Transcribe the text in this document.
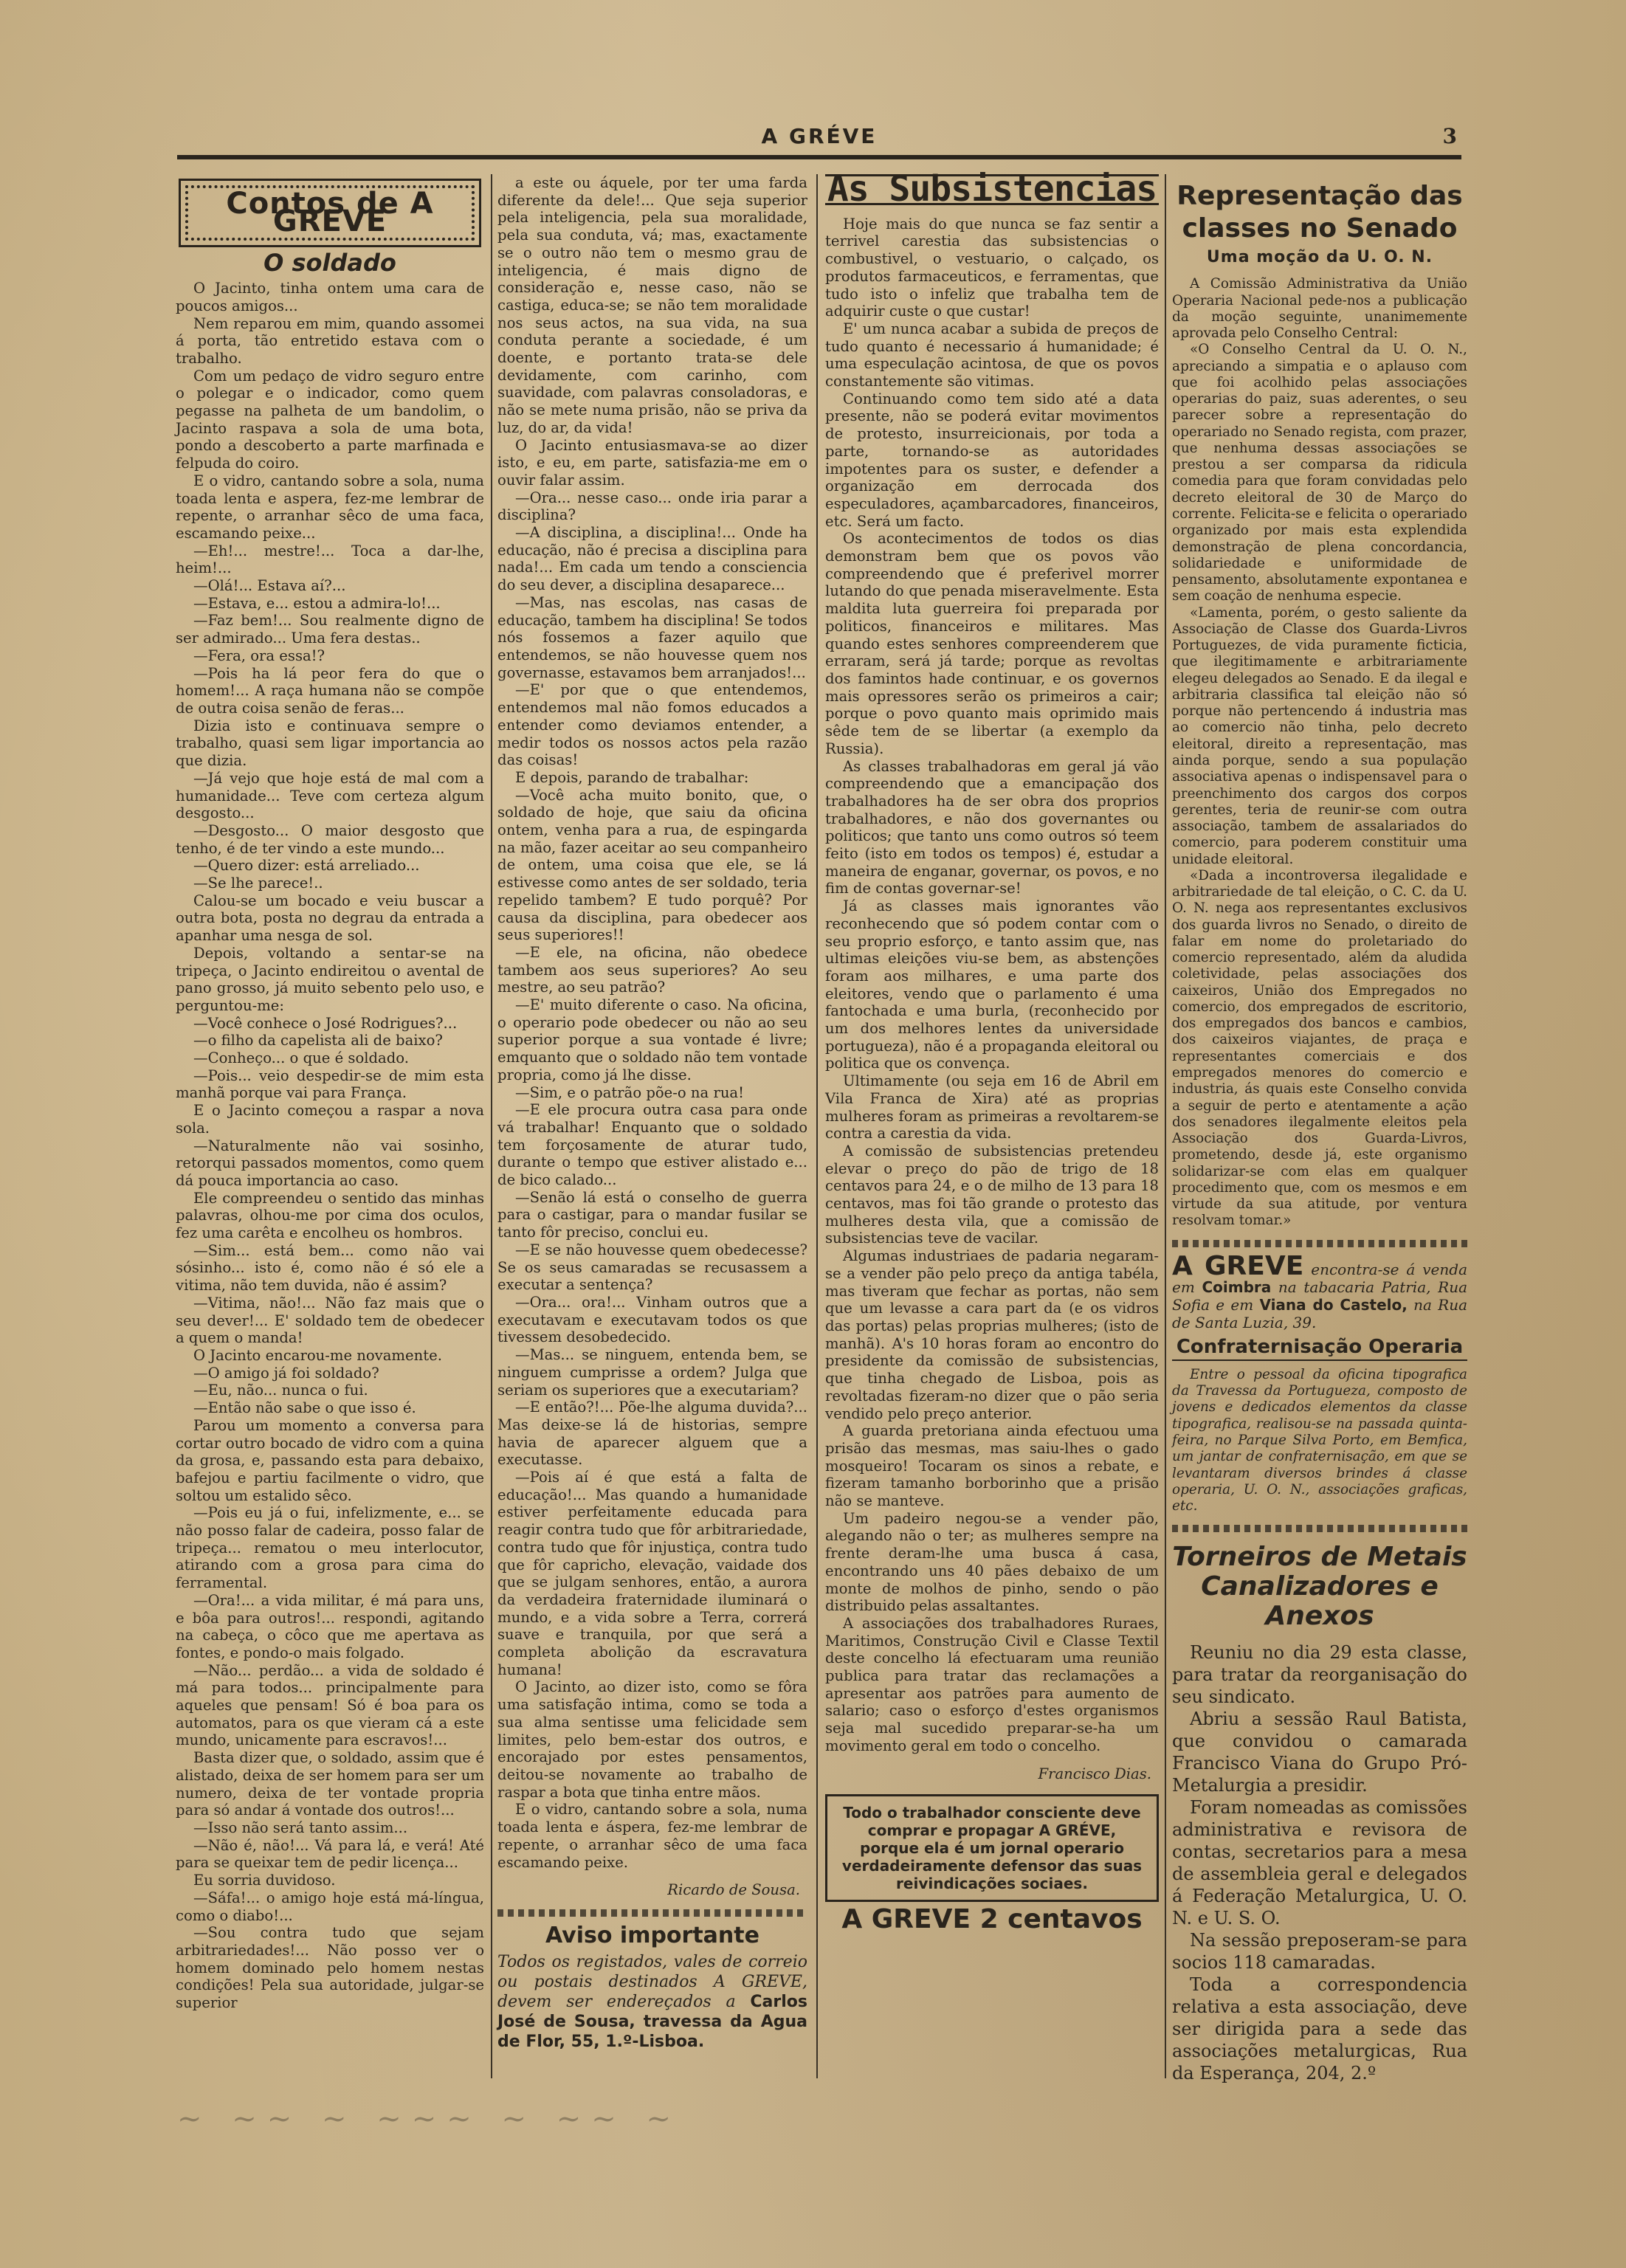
A GRÉVE	3
Contos de A GREVE
O soldado

O Jacinto, tinha ontem uma cara de poucos amigos...

Nem reparou em mim, quando assomei á porta, tão entretido estava com o trabalho.

Com um pedaço de vidro seguro entre o polegar e o indicador, como quem pegasse na palheta de um bandolim, o Jacinto raspava a sola de uma bota, pondo a descoberto a parte marfinada e felpuda do coiro.

E o vidro, cantando sobre a sola, numa toada lenta e aspera, fez-me lembrar de repente, o arranhar sêco de uma faca, escamando peixe...

—Eh!... mestre!... Toca a dar-lhe, heim!...

—Olá!... Estava aí?...

—Estava, e... estou a admira-lo!...

—Faz bem!... Sou realmente digno de ser admirado... Uma fera destas..

—Fera, ora essa!?

—Pois ha lá peor fera do que o homem!... A raça humana não se compõe de outra coisa senão de feras...

Dizia isto e continuava sempre o trabalho, quasi sem ligar importancia ao que dizia.

—Já vejo que hoje está de mal com a humanidade... Teve com certeza algum desgosto...

—Desgosto... O maior desgosto que tenho, é de ter vindo a este mundo...

—Quero dizer: está arreliado...

—Se lhe parece!..

Calou-se um bocado e veiu buscar a outra bota, posta no degrau da entrada a apanhar uma nesga de sol.

Depois, voltando a sentar-se na tripeça, o Jacinto endireitou o avental de pano grosso, já muito sebento pelo uso, e perguntou-me:

—Você conhece o José Rodrigues?...

—o filho da capelista ali de baixo?

—Conheço... o que é soldado.

—Pois... veio despedir-se de mim esta manhã porque vai para França.

E o Jacinto começou a raspar a nova sola.

—Naturalmente não vai sosinho, retorqui passados momentos, como quem dá pouca importancia ao caso.

Ele compreendeu o sentido das minhas palavras, olhou-me por cima dos oculos, fez uma carêta e encolheu os hombros.

—Sim... está bem... como não vai sósinho... isto é, como não é só ele a vitima, não tem duvida, não é assim?

—Vitima, não!... Não faz mais que o seu dever!... E' soldado tem de obedecer a quem o manda!

O Jacinto encarou-me novamente.

—O amigo já foi soldado?

—Eu, não... nunca o fui.

—Então não sabe o que isso é.

Parou um momento a conversa para cortar outro bocado de vidro com a quina da grosa, e, passando esta para debaixo, bafejou e partiu facilmente o vidro, que soltou um estalido sêco.

—Pois eu já o fui, infelizmente, e... se não posso falar de cadeira, posso falar de tripeça... rematou o meu interlocutor, atirando com a grosa para cima do ferramental.

—Ora!... a vida militar, é má para uns, e bôa para outros!... respondi, agitando na cabeça, o côco que me apertava as fontes, e pondo-o mais folgado.

—Não... perdão... a vida de soldado é má para todos... principalmente para aqueles que pensam! Só é boa para os automatos, para os que vieram cá a este mundo, unicamente para escravos!...

Basta dizer que, o soldado, assim que é alistado, deixa de ser homem para ser um numero, deixa de ter vontade propria para só andar á vontade dos outros!...

—Isso não será tanto assim...

—Não é, não!... Vá para lá, e verá! Até para se queixar tem de pedir licença...

Eu sorria duvidoso.

—Sáfa!... o amigo hoje está má-língua, como o diabo!...

—Sou contra tudo que sejam arbitrariedades!... Não posso ver o homem dominado pelo homem nestas condições! Pela sua autoridade, julgar-se superior

a este ou áquele, por ter uma farda diferente da dele!... Que seja superior pela inteligencia, pela sua moralidade, pela sua conduta, vá; mas, exactamente se o outro não tem o mesmo grau de inteligencia, é mais digno de consideração e, nesse caso, não se castiga, educa-se; se não tem moralidade nos seus actos, na sua vida, na sua conduta perante a sociedade, é um doente, e portanto trata-se dele devidamente, com carinho, com suavidade, com palavras consoladoras, e não se mete numa prisão, não se priva da luz, do ar, da vida!

O Jacinto entusiasmava-se ao dizer isto, e eu, em parte, satisfazia-me em o ouvir falar assim.

—Ora... nesse caso... onde iria parar a disciplina?

—A disciplina, a disciplina!... Onde ha educação, não é precisa a disciplina para nada!... Em cada um tendo a consciencia do seu dever, a disciplina desaparece...

—Mas, nas escolas, nas casas de educação, tambem ha disciplina! Se todos nós fossemos a fazer aquilo que entendemos, se não houvesse quem nos governasse, estavamos bem arranjados!...

—E' por que o que entendemos, entendemos mal não fomos educados a entender como deviamos entender, a medir todos os nossos actos pela razão das coisas!

E depois, parando de trabalhar:

—Você acha muito bonito, que, o soldado de hoje, que saiu da oficina ontem, venha para a rua, de espingarda na mão, fazer aceitar ao seu companheiro de ontem, uma coisa que ele, se lá estivesse como antes de ser soldado, teria repelido tambem? E tudo porquê? Por causa da disciplina, para obedecer aos seus superiores!!

—E ele, na oficina, não obedece tambem aos seus superiores? Ao seu mestre, ao seu patrão?

—E' muito diferente o caso. Na oficina, o operario pode obedecer ou não ao seu superior porque a sua vontade é livre; emquanto que o soldado não tem vontade propria, como já lhe disse.

—Sim, e o patrão põe-o na rua!

—E ele procura outra casa para onde vá trabalhar! Enquanto que o soldado tem forçosamente de aturar tudo, durante o tempo que estiver alistado e... de bico calado...

—Senão lá está o conselho de guerra para o castigar, para o mandar fusilar se tanto fôr preciso, conclui eu.

—E se não houvesse quem obedecesse? Se os seus camaradas se recusassem a executar a sentença?

—Ora... ora!... Vinham outros que a executavam e executavam todos os que tivessem desobedecido.

—Mas... se ninguem, entenda bem, se ninguem cumprisse a ordem? Julga que seriam os superiores que a executariam?

—E então?!... Põe-lhe alguma duvida?... Mas deixe-se lá de historias, sempre havia de aparecer alguem que a executasse.

—Pois aí é que está a falta de educação!... Mas quando a humanidade estiver perfeitamente educada para reagir contra tudo que fôr arbitrariedade, contra tudo que fôr injustiça, contra tudo que fôr capricho, elevação, vaidade dos que se julgam senhores, então, a aurora da verdadeira fraternidade iluminará o mundo, e a vida sobre a Terra, correrá suave e tranquila, por que será a completa abolição da escravatura humana!

O Jacinto, ao dizer isto, como se fôra uma satisfação intima, como se toda a sua alma sentisse uma felicidade sem limites, pelo bem-estar dos outros, e encorajado por estes pensamentos, deitou-se novamente ao trabalho de raspar a bota que tinha entre mãos.

E o vidro, cantando sobre a sola, numa toada lenta e áspera, fez-me lembrar de repente, o arranhar sêco de uma faca escamando peixe.

Ricardo de Sousa.
Aviso importante
Todos os registados, vales de correio ou postais destinados A GREVE, devem ser endereçados a Carlos José de Sousa, travessa da Agua de Flor, 55, 1.º-Lisboa.
As Subsistencias

Hoje mais do que nunca se faz sentir a terrivel carestia das subsistencias o combustivel, o vestuario, o calçado, os produtos farmaceuticos, e ferramentas, que tudo isto o infeliz que trabalha tem de adquirir custe o que custar!

E' um nunca acabar a subida de preços de tudo quanto é necessario á humanidade; é uma especulação acintosa, de que os povos constantemente são vitimas.

Continuando como tem sido até a data presente, não se poderá evitar movimentos de protesto, insurreicionais, por toda a parte, tornando-se as autoridades impotentes para os suster, e defender a organização em derrocada dos especuladores, açambarcadores, financeiros, etc. Será um facto.

Os acontecimentos de todos os dias demonstram bem que os povos vão compreendendo que é preferivel morrer lutando do que penada miseravelmente. Esta maldita luta guerreira foi preparada por politicos, financeiros e militares. Mas quando estes senhores compreenderem que erraram, será já tarde; porque as revoltas dos famintos hade continuar, e os governos mais opressores serão os primeiros a cair; porque o povo quanto mais oprimido mais sêde tem de se libertar (a exemplo da Russia).

As classes trabalhadoras em geral já vão compreendendo que a emancipação dos trabalhadores ha de ser obra dos proprios trabalhadores, e não dos governantes ou politicos; que tanto uns como outros só teem feito (isto em todos os tempos) é, estudar a maneira de enganar, governar, os povos, e no fim de contas governar-se!

Já as classes mais ignorantes vão reconhecendo que só podem contar com o seu proprio esforço, e tanto assim que, nas ultimas eleições viu-se bem, as abstenções foram aos milhares, e uma parte dos eleitores, vendo que o parlamento é uma fantochada e uma burla, (reconhecido por um dos melhores lentes da universidade portugueza), não é a propaganda eleitoral ou politica que os convença.

Ultimamente (ou seja em 16 de Abril em Vila Franca de Xira) até as proprias mulheres foram as primeiras a revoltarem-se contra a carestia da vida.

A comissão de subsistencias pretendeu elevar o preço do pão de trigo de 18 centavos para 24, e o de milho de 13 para 18 centavos, mas foi tão grande o protesto das mulheres desta vila, que a comissão de subsistencias teve de vacilar.

Algumas industriaes de padaria negaram-se a vender pão pelo preço da antiga tabéla, mas tiveram que fechar as portas, não sem que um levasse a cara part da (e os vidros das portas) pelas proprias mulheres; (isto de manhã). A's 10 horas foram ao encontro do presidente da comissão de subsistencias, que tinha chegado de Lisboa, pois as revoltadas fizeram-no dizer que o pão seria vendido pelo preço anterior.

A guarda pretoriana ainda efectuou uma prisão das mesmas, mas saiu-lhes o gado mosqueiro! Tocaram os sinos a rebate, e fizeram tamanho borborinho que a prisão não se manteve.

Um padeiro negou-se a vender pão, alegando não o ter; as mulheres sempre na frente deram-lhe uma busca á casa, encontrando uns 40 pães debaixo de um monte de molhos de pinho, sendo o pão distribuido pelas assaltantes.

A associações dos trabalhadores Ruraes, Maritimos, Construção Civil e Classe Textil deste concelho lá efectuaram uma reunião publica para tratar das reclamações a apresentar aos patrões para aumento de salario; caso o esforço d'estes organismos seja mal sucedido preparar-se-ha um movimento geral em todo o concelho.

Francisco Dias.
Todo o trabalhador consciente deve comprar e propagar A GRÉVE, porque ela é um jornal operario verdadeiramente defensor das suas reivindicações sociaes.
A GREVE 2 centavos
Representação das classes no Senado
Uma moção da U. O. N.

A Comissão Administrativa da União Operaria Nacional pede-nos a publicação da moção seguinte, unanimemente aprovada pelo Conselho Central:

«O Conselho Central da U. O. N., apreciando a simpatia e o aplauso com que foi acolhido pelas associações operarias do paiz, suas aderentes, o seu parecer sobre a representação do operariado no Senado regista, com prazer, que nenhuma dessas associações se prestou a ser comparsa da ridicula comedia para que foram convidadas pelo decreto eleitoral de 30 de Março do corrente. Felicita-se e felicita o operariado organizado por mais esta explendida demonstração de plena concordancia, solidariedade e uniformidade de pensamento, absolutamente expontanea e sem coação de nenhuma especie.

«Lamenta, porém, o gesto saliente da Associação de Classe dos Guarda-Livros Portuguezes, de vida puramente ficticia, que ilegitimamente e arbitrariamente elegeu delegados ao Senado. E da ilegal e arbitraria classifica tal eleição não só porque não pertencendo á industria mas ao comercio não tinha, pelo decreto eleitoral, direito a representação, mas ainda porque, sendo a sua população associativa apenas o indispensavel para o preenchimento dos cargos dos corpos gerentes, teria de reunir-se com outra associação, tambem de assalariados do comercio, para poderem constituir uma unidade eleitoral.

«Dada a incontroversa ilegalidade e arbitrariedade de tal eleição, o C. C. da U. O. N. nega aos representantes exclusivos dos guarda livros no Senado, o direito de falar em nome do proletariado do comercio representado, além da aludida coletividade, pelas associações dos caixeiros, União dos Empregados no comercio, dos empregados de escritorio, dos empregados dos bancos e cambios, dos caixeiros viajantes, de praça e representantes comerciais e dos empregados menores do comercio e industria, ás quais este Conselho convida a seguir de perto e atentamente a ação dos senadores ilegalmente eleitos pela Associação dos Guarda-Livros, prometendo, desde já, este organismo solidarizar-se com elas em qualquer procedimento que, com os mesmos e em virtude da sua atitude, por ventura resolvam tomar.»

A GREVE encontra-se á venda em Coimbra na tabacaria Patria, Rua Sofia e em Viana do Castelo, na Rua de Santa Luzia, 39.
Confraternisação Operaria

Entre o pessoal da oficina tipografica da Travessa da Portugueza, composto de jovens e dedicados elementos da classe tipografica, realisou-se na passada quinta-feira, no Parque Silva Porto, em Bemfica, um jantar de confraternisação, em que se levantaram diversos brindes á classe operaria, U. O. N., associações graficas, etc.

Torneiros de Metais Canalizadores e Anexos

Reuniu no dia 29 esta classe, para tratar da reorganisação do seu sindicato.

Abriu a sessão Raul Batista, que convidou o camarada Francisco Viana do Grupo Pró-Metalurgia a presidir.

Foram nomeadas as comissões administrativa e revisora de contas, secretarios para a mesa de assembleia geral e delegados á Federação Metalurgica, U. O. N. e U. S. O.

Na sessão preposeram-se para socios 118 camaradas.

Toda a correspondencia relativa a esta associação, deve ser dirigida para a sede das associações metalurgicas, Rua da Esperança, 204, 2.º

~ ~~ ~ ~~~ ~ ~~ ~
